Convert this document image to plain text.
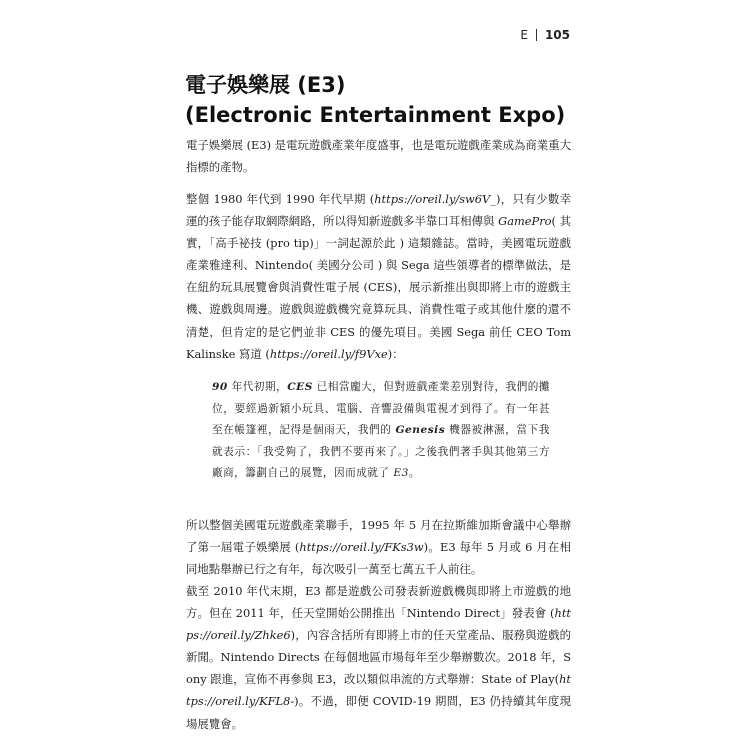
E 105
電子娛樂展 (E3)
(Electronic Entertainment Expo)
電子娛樂展 (E3) 是電玩遊戲產業年度盛事，也是電玩遊戲產業成為商業重大指標的產物。
整個 1980 年代到 1990 年代早期 (https://oreil.ly/sw6V_)，只有少數幸運的孩子能存取網際網路，所以得知新遊戲多半靠口耳相傳與 GamePro( 其實，「高手祕技 (pro tip)」一詞起源於此 ) 這類雜誌。當時，美國電玩遊戲產業雅達利、Nintendo( 美國分公司 ) 與 Sega 這些領導者的標準做法，是在紐約玩具展覽會與消費性電子展 (CES)，展示新推出與即將上市的遊戲主機、遊戲與周邊。遊戲與遊戲機究竟算玩具、消費性電子或其他什麼的還不清楚，但肯定的是它們並非 CES 的優先項目。美國 Sega 前任 CEO Tom Kalinske 寫道 (https://oreil.ly/f9Vxe)：
90 年代初期，CES 已相當龐大，但對遊戲產業差別對待，我們的攤位，要經過新穎小玩具、電腦、音響設備與電視才到得了。有一年甚至在帳篷裡，記得是個雨天，我們的 Genesis 機器被淋濕，當下我就表示：「我受夠了，我們不要再來了。」之後我們著手與其他第三方廠商，籌劃自己的展覽，因而成就了 E3。
所以整個美國電玩遊戲產業聯手，1995 年 5 月在拉斯維加斯會議中心舉辦了第一屆電子娛樂展 (https://oreil.ly/FKs3w)。E3 每年 5 月或 6 月在相同地點舉辦已行之有年，每次吸引一萬至七萬五千人前往。
截至 2010 年代末期，E3 都是遊戲公司發表新遊戲機與即將上市遊戲的地方。但在 2011 年，任天堂開始公開推出「Nintendo Direct」發表會 (https://oreil.ly/Zhke6)，內容含括所有即將上市的任天堂產品、服務與遊戲的新聞。Nintendo Directs 在每個地區市場每年至少舉辦數次。2018 年，Sony 跟進，宣佈不再參與 E3，改以類似串流的方式舉辦：State of Play(https://oreil.ly/KFL8-)。不過，即便 COVID-19 期間，E3 仍持續其年度現場展覽會。
